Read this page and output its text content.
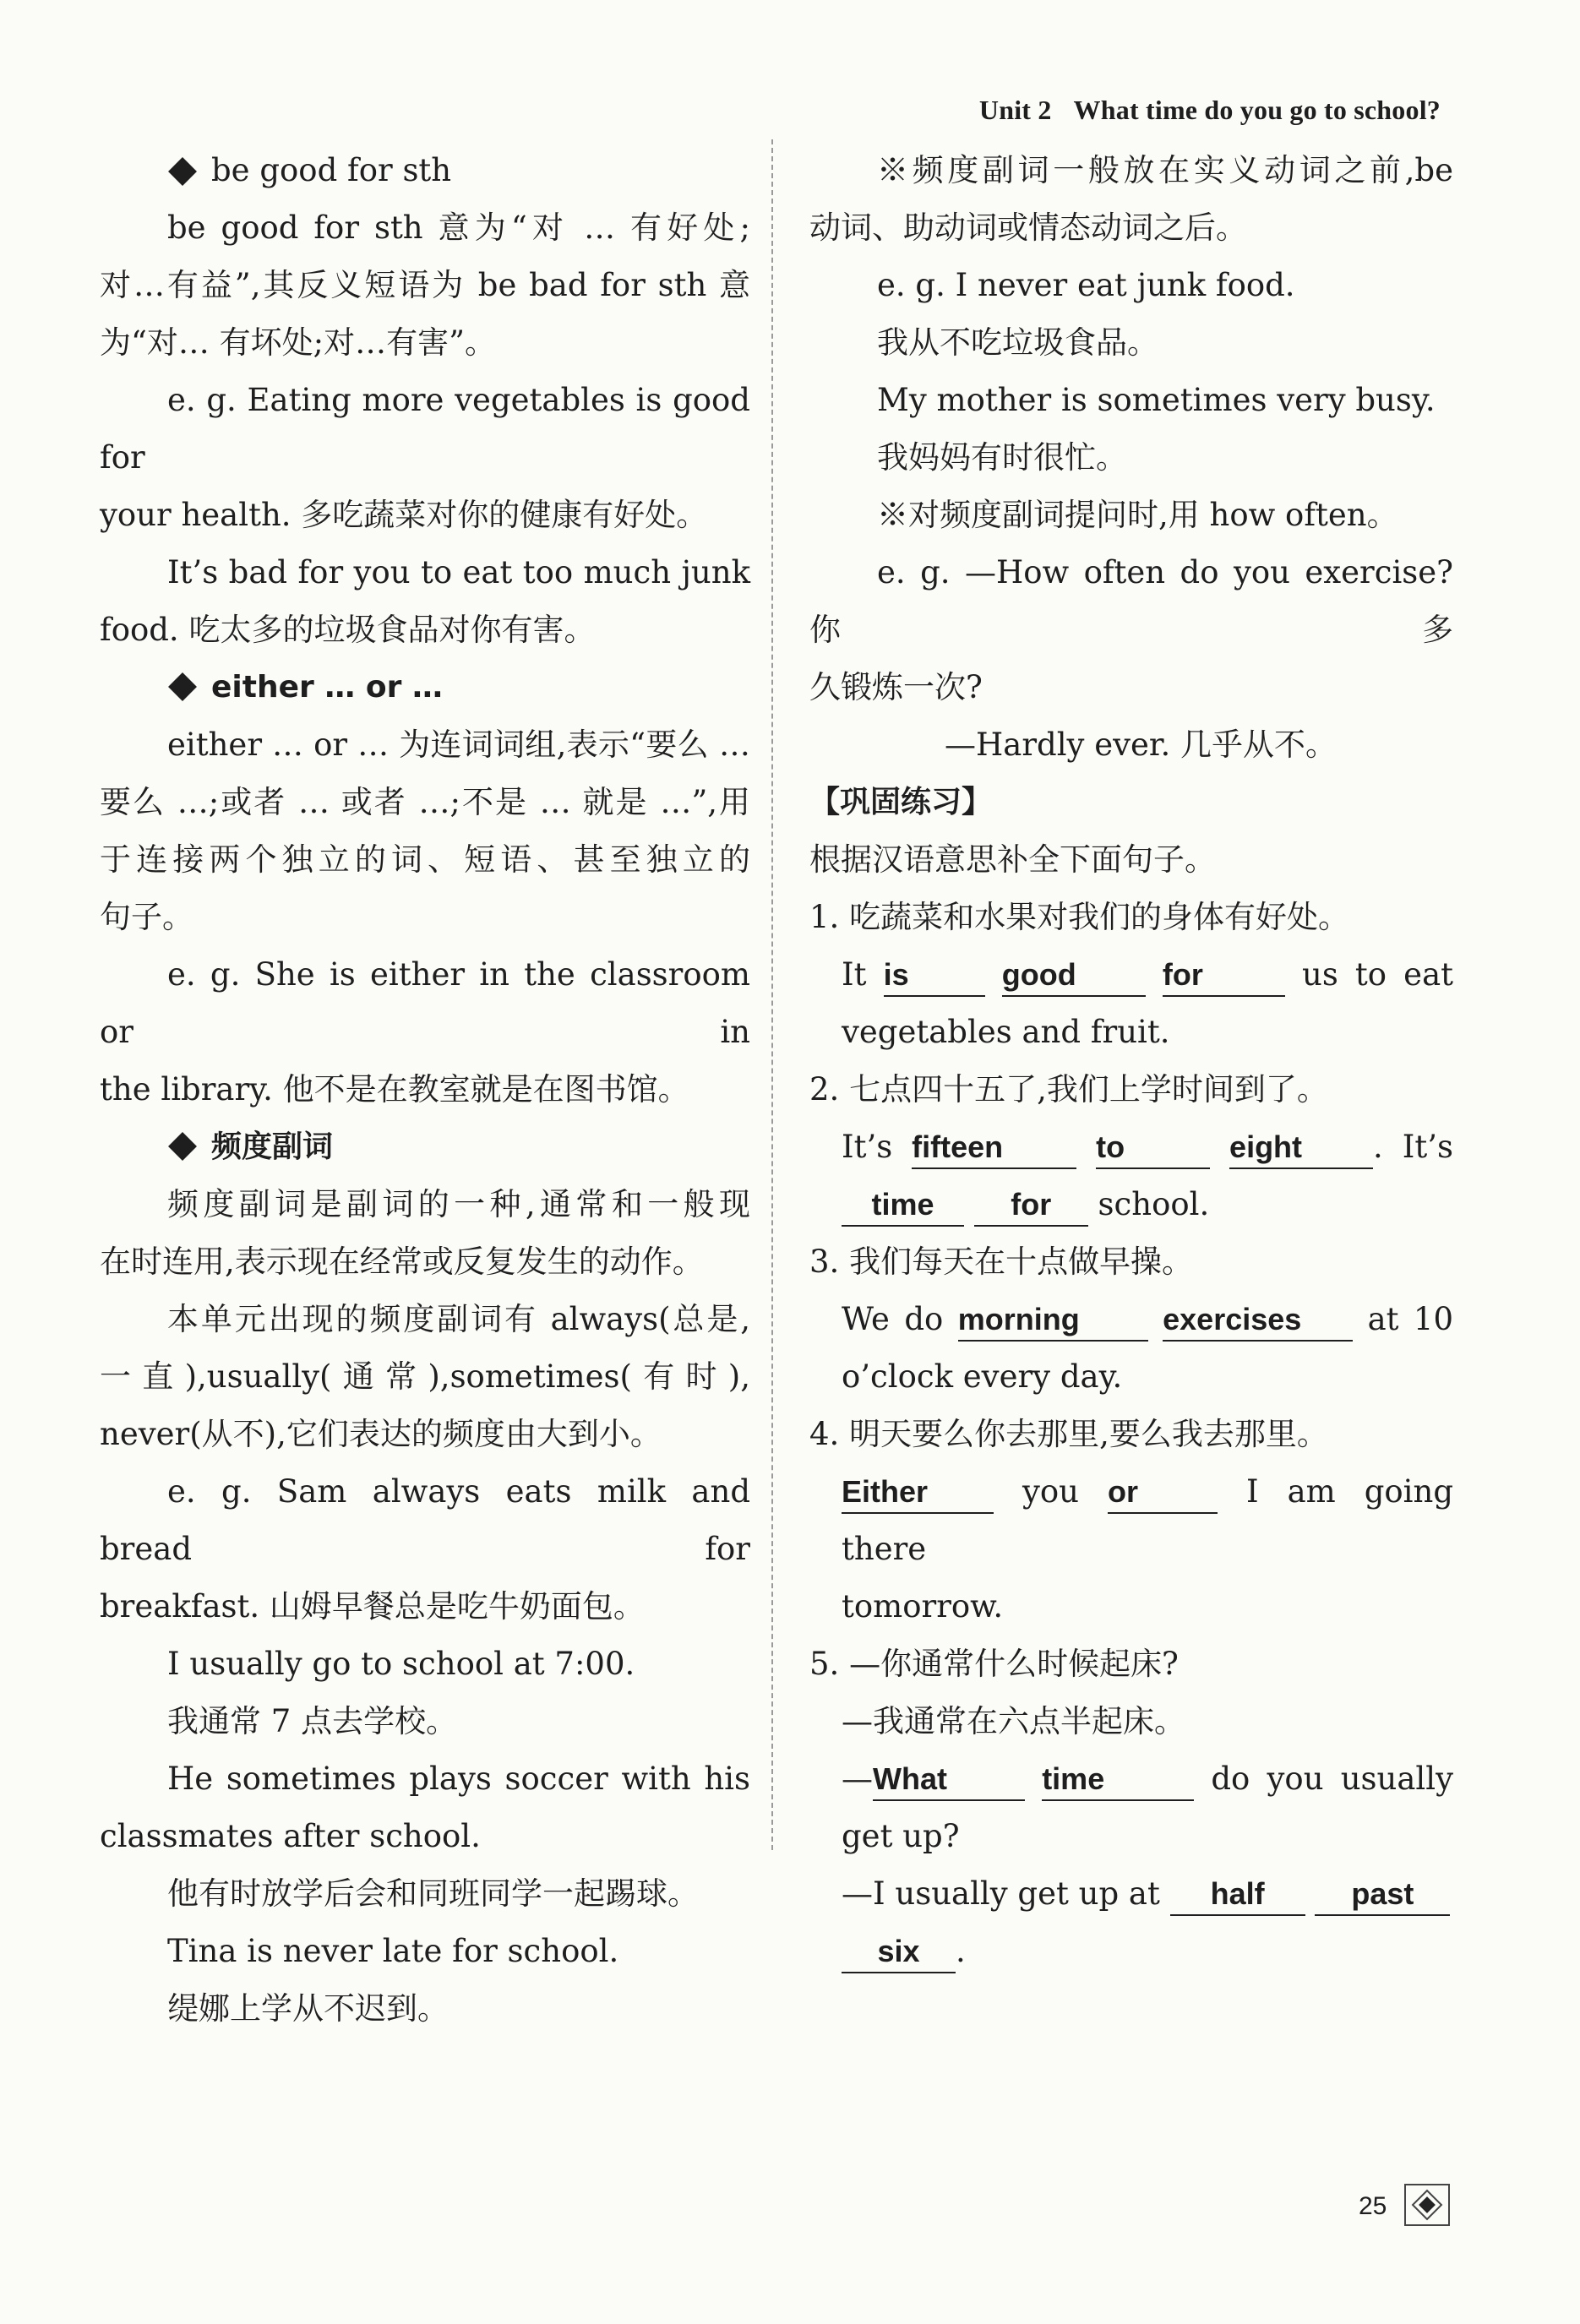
Unit 2 What time do you go to school?

be good for sth

be good for sth 意为“对 … 有好处;

对…有益”,其反义短语为 be bad for sth 意

为“对… 有坏处;对…有害”。

e. g. Eating more vegetables is good for

your health. 多吃蔬菜对你的健康有好处。

It’s bad for you to eat too much junk

food. 吃太多的垃圾食品对你有害。

either … or …

either … or … 为连词词组,表示“要么 …

要么 …;或者 … 或者 …;不是 … 就是 …”,用

于连接两个独立的词、短语、甚至独立的

句子。

e. g. She is either in the classroom or in

the library. 他不是在教室就是在图书馆。

频度副词

频度副词是副词的一种,通常和一般现

在时连用,表示现在经常或反复发生的动作。

本单元出现的频度副词有 always(总是,

一直),usually(通常),sometimes(有时),

never(从不),它们表达的频度由大到小。

e. g. Sam always eats milk and bread for

breakfast. 山姆早餐总是吃牛奶面包。

I usually go to school at 7:00.

我通常 7 点去学校。

He sometimes plays soccer with his

classmates after school.

他有时放学后会和同班同学一起踢球。

Tina is never late for school.

缇娜上学从不迟到。

※频度副词一般放在实义动词之前,be

动词、助动词或情态动词之后。

e. g. I never eat junk food.

我从不吃垃圾食品。

My mother is sometimes very busy.

我妈妈有时很忙。

※对频度副词提问时,用 how often。

e. g. —How often do you exercise? 你多

久锻炼一次?

—Hardly ever. 几乎从不。

【巩固练习】

根据汉语意思补全下面句子。

1. 吃蔬菜和水果对我们的身体有好处。

It is	good	for	us to eat

vegetables and fruit.

2. 七点四十五了,我们上学时间到了。

It’s fifteen	to	eight . It’s

time	for school.

3. 我们每天在十点做早操。

We do morning	exercises at 10

o’clock every day.

4. 明天要么你去那里,要么我去那里。

Either	you or	I am going there

tomorrow.

5. —你通常什么时候起床?

—我通常在六点半起床。

—What	time	do you usually

get up?

—I usually get up at half	past

six .

25
